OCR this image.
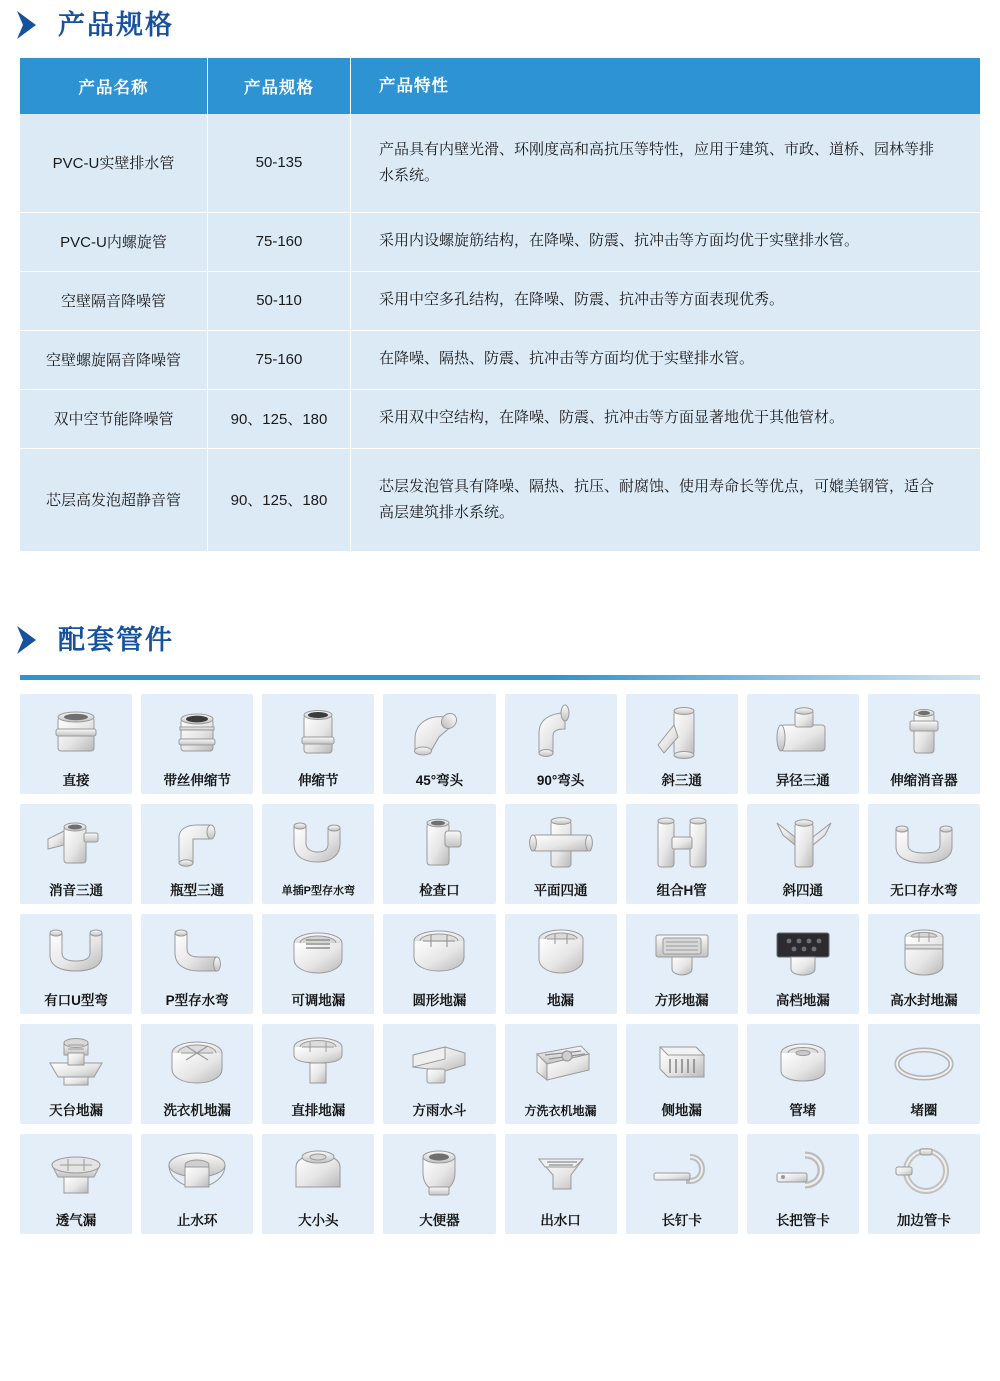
产品规格
产品名称	产品规格	产品特性
PVC-U实壁排水管	50-135	产品具有内壁光滑、环刚度高和高抗压等特性，应用于建筑、市政、道桥、园林等排水系统。
PVC-U内螺旋管	75-160	采用内设螺旋筋结构，在降噪、防震、抗冲击等方面均优于实壁排水管。
空壁隔音降噪管	50-110	采用中空多孔结构，在降噪、防震、抗冲击等方面表现优秀。
空壁螺旋隔音降噪管	75-160	在降噪、隔热、防震、抗冲击等方面均优于实壁排水管。
双中空节能降噪管	90、125、180	采用双中空结构，在降噪、防震、抗冲击等方面显著地优于其他管材。
芯层高发泡超静音管	90、125、180	芯层发泡管具有降噪、隔热、抗压、耐腐蚀、使用寿命长等优点，可媲美钢管，适合高层建筑排水系统。
配套管件
直接	带丝伸缩节	伸缩节	45°弯头	90°弯头	斜三通	异径三通	伸缩消音器
消音三通	瓶型三通	单插P型存水弯	检查口	平面四通	组合H管	斜四通	无口存水弯
有口U型弯	P型存水弯	可调地漏	圆形地漏	地漏	方形地漏	高档地漏	高水封地漏
天台地漏	洗衣机地漏	直排地漏	方雨水斗	方洗衣机地漏	侧地漏	管堵	堵圈
透气漏	止水环	大小头	大便器	出水口	长钉卡	长把管卡	加边管卡
